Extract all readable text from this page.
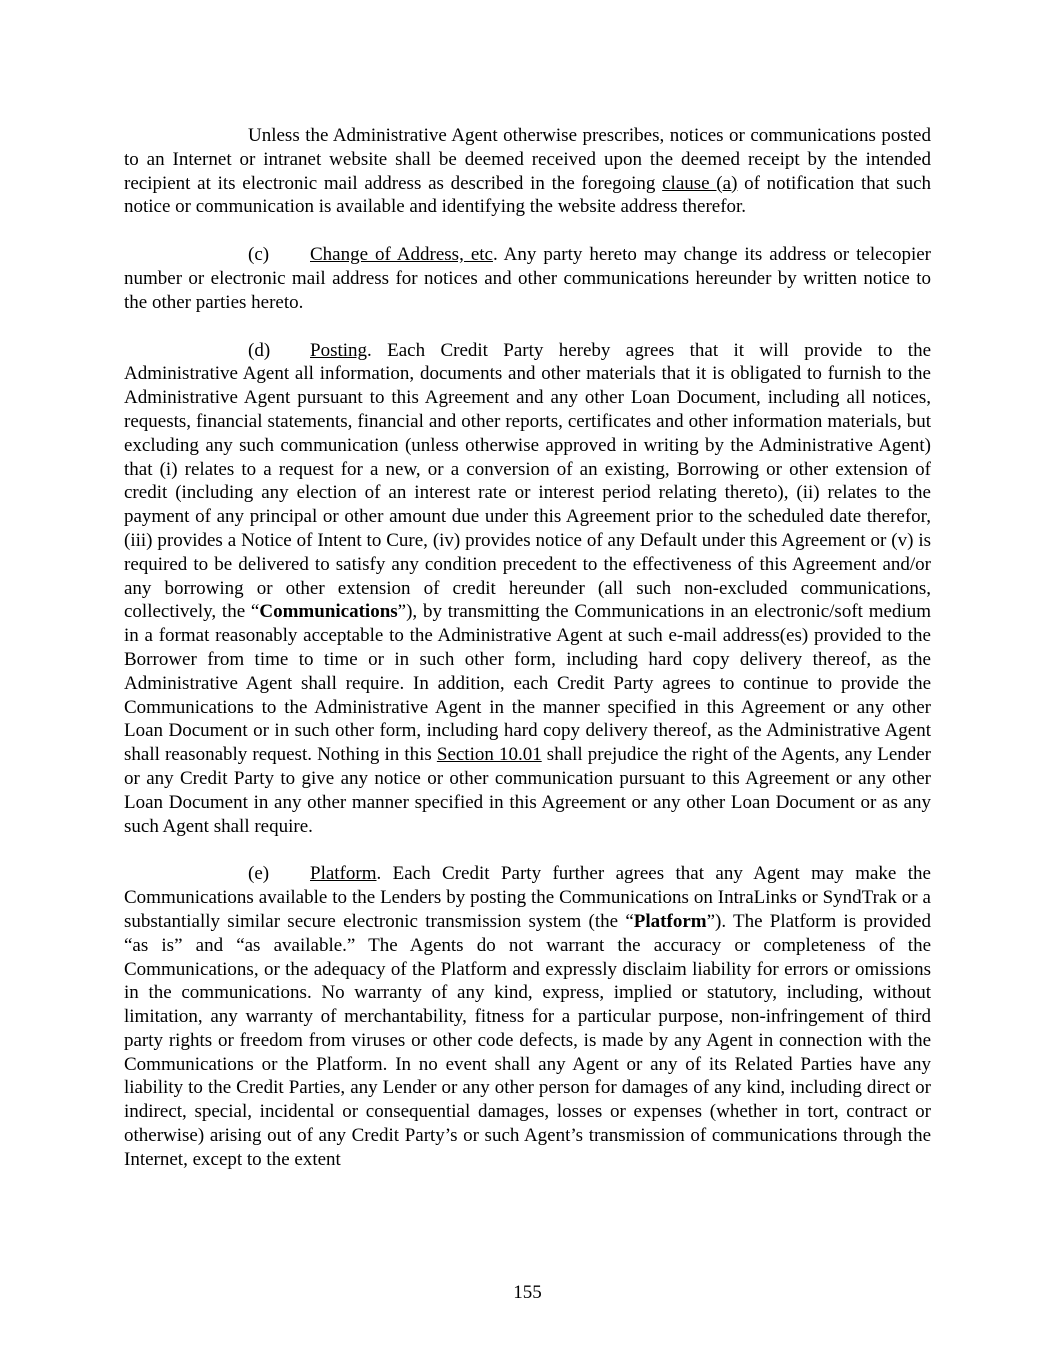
Unless the Administrative Agent otherwise prescribes, notices or communications posted to an Internet or intranet website shall be deemed received upon the deemed receipt by the intended recipient at its electronic mail address as described in the foregoing clause (a) of notification that such notice or communication is available and identifying the website address therefor.

(c) Change of Address, etc. Any party hereto may change its address or telecopier number or electronic mail address for notices and other communications hereunder by written notice to the other parties hereto.

(d) Posting. Each Credit Party hereby agrees that it will provide to the Administrative Agent all information, documents and other materials that it is obligated to furnish to the Administrative Agent pursuant to this Agreement and any other Loan Document, including all notices, requests, financial statements, financial and other reports, certificates and other information materials, but excluding any such communication (unless otherwise approved in writing by the Administrative Agent) that (i) relates to a request for a new, or a conversion of an existing, Borrowing or other extension of credit (including any election of an interest rate or interest period relating thereto), (ii) relates to the payment of any principal or other amount due under this Agreement prior to the scheduled date therefor, (iii) provides a Notice of Intent to Cure, (iv) provides notice of any Default under this Agreement or (v) is required to be delivered to satisfy any condition precedent to the effectiveness of this Agreement and/or any borrowing or other extension of credit hereunder (all such non-excluded communications, collectively, the “Communications”), by transmitting the Communications in an electronic/soft medium in a format reasonably acceptable to the Administrative Agent at such e-mail address(es) provided to the Borrower from time to time or in such other form, including hard copy delivery thereof, as the Administrative Agent shall require. In addition, each Credit Party agrees to continue to provide the Communications to the Administrative Agent in the manner specified in this Agreement or any other Loan Document or in such other form, including hard copy delivery thereof, as the Administrative Agent shall reasonably request. Nothing in this Section 10.01 shall prejudice the right of the Agents, any Lender or any Credit Party to give any notice or other communication pursuant to this Agreement or any other Loan Document in any other manner specified in this Agreement or any other Loan Document or as any such Agent shall require.

(e) Platform. Each Credit Party further agrees that any Agent may make the Communications available to the Lenders by posting the Communications on IntraLinks or SyndTrak or a substantially similar secure electronic transmission system (the “Platform”). The Platform is provided “as is” and “as available.” The Agents do not warrant the accuracy or completeness of the Communications, or the adequacy of the Platform and expressly disclaim liability for errors or omissions in the communications. No warranty of any kind, express, implied or statutory, including, without limitation, any warranty of merchantability, fitness for a particular purpose, non-infringement of third party rights or freedom from viruses or other code defects, is made by any Agent in connection with the Communications or the Platform. In no event shall any Agent or any of its Related Parties have any liability to the Credit Parties, any Lender or any other person for damages of any kind, including direct or indirect, special, incidental or consequential damages, losses or expenses (whether in tort, contract or otherwise) arising out of any Credit Party’s or such Agent’s transmission of communications through the Internet, except to the extent

155
